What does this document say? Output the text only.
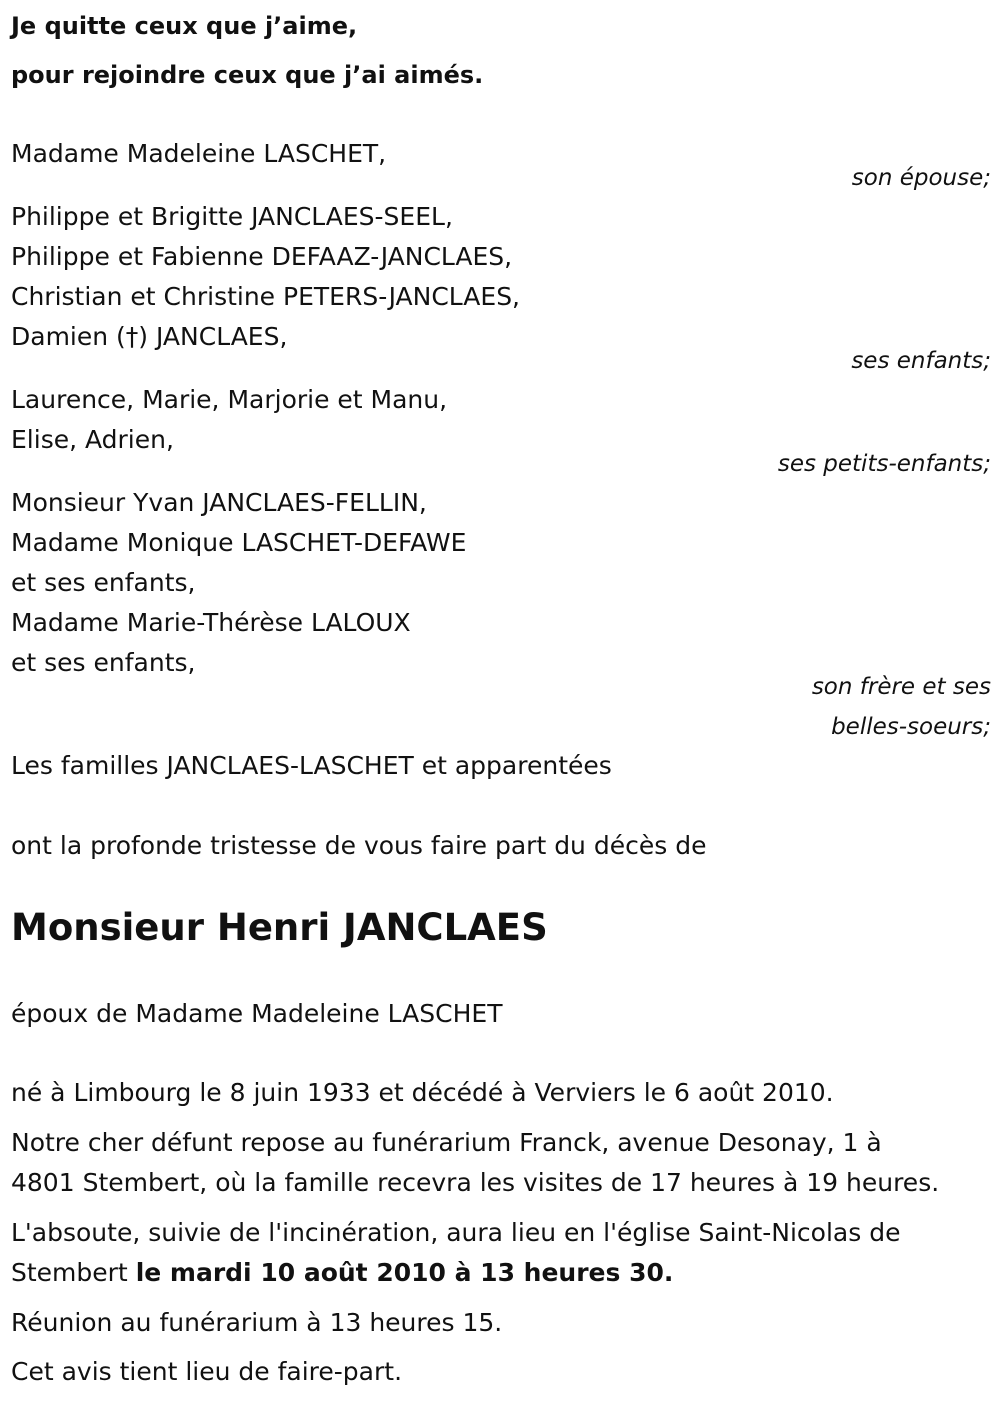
Je quitte ceux que j’aime,
pour rejoindre ceux que j’ai aimés.
Madame Madeleine LASCHET,
son épouse;
Philippe et Brigitte JANCLAES-SEEL,
Philippe et Fabienne DEFAAZ-JANCLAES,
Christian et Christine PETERS-JANCLAES,
Damien (†) JANCLAES,
ses enfants;
Laurence, Marie, Marjorie et Manu,
Elise, Adrien,
ses petits-enfants;
Monsieur Yvan JANCLAES-FELLIN,
Madame Monique LASCHET-DEFAWE
et ses enfants,
Madame Marie-Thérèse LALOUX
et ses enfants,
son frère et ses
belles-soeurs;
Les familles JANCLAES-LASCHET et apparentées
ont la profonde tristesse de vous faire part du décès de
Monsieur Henri JANCLAES
époux de Madame Madeleine LASCHET
né à Limbourg le 8 juin 1933 et décédé à Verviers le 6 août 2010.
Notre cher défunt repose au funérarium Franck, avenue Desonay, 1 à
4801 Stembert, où la famille recevra les visites de 17 heures à 19 heures.
L'absoute, suivie de l'incinération, aura lieu en l'église Saint-Nicolas de
Stembert le mardi 10 août 2010 à 13 heures 30.
Réunion au funérarium à 13 heures 15.
Cet avis tient lieu de faire-part.
